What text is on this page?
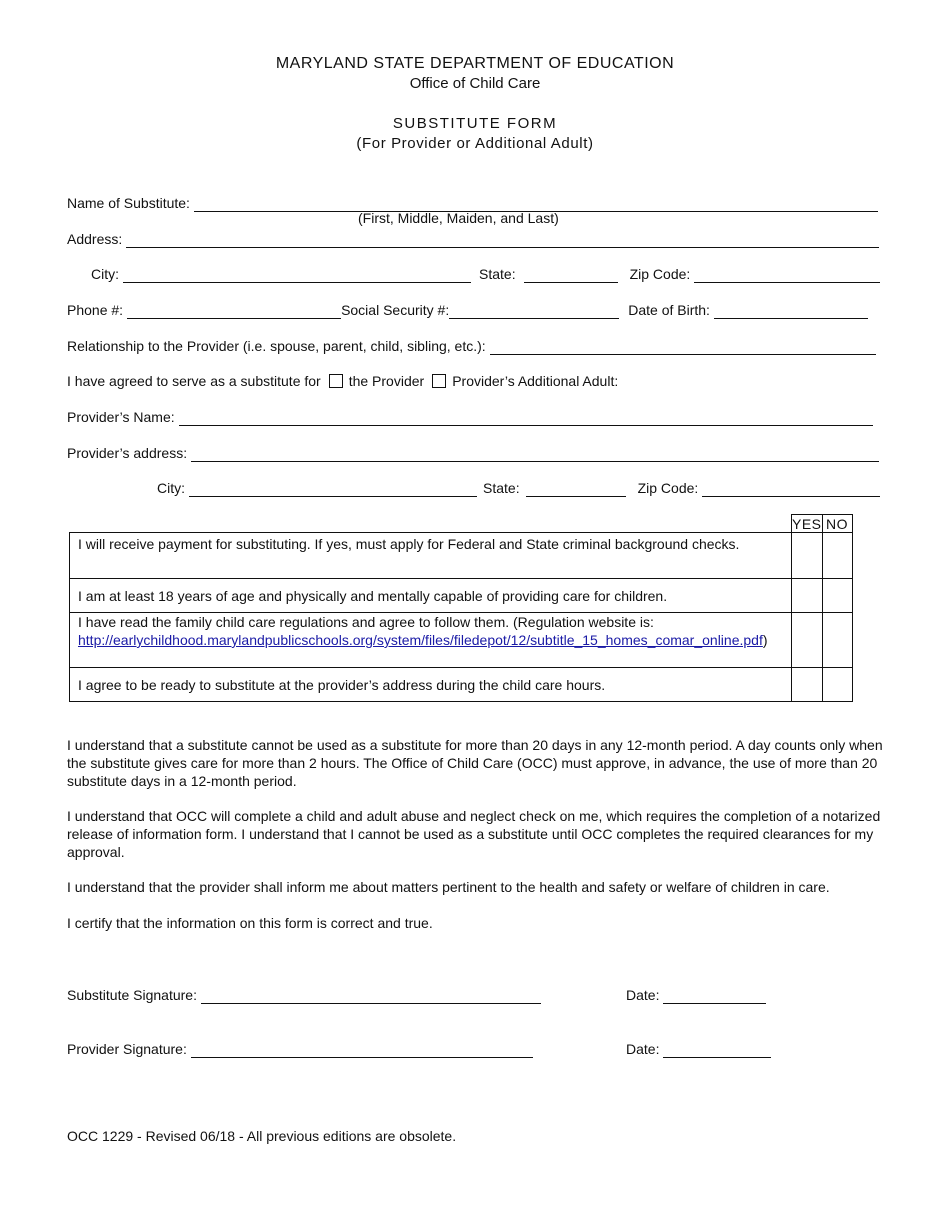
MARYLAND STATE DEPARTMENT OF EDUCATION
Office of Child Care
SUBSTITUTE FORM
(For Provider or Additional Adult)
Name of Substitute:
(First, Middle, Maiden, and Last)
Address:
City:	State:	Zip Code:
Phone #:	Social Security #:	Date of Birth:
Relationship to the Provider (i.e. spouse, parent, child, sibling, etc.):
I have agreed to serve as a substitute for the Provider Provider’s Additional Adult:
Provider’s Name:
Provider’s address:
City:	State:	Zip Code:
	YES	NO
I will receive payment for substituting. If yes, must apply for Federal and State criminal background checks.		
I am at least 18 years of age and physically and mentally capable of providing care for children.		
I have read the family child care regulations and agree to follow them. (Regulation website is:
http://earlychildhood.marylandpublicschools.org/system/files/filedepot/12/subtitle_15_homes_comar_online.pdf)		
I agree to be ready to substitute at the provider’s address during the child care hours.		
I understand that a substitute cannot be used as a substitute for more than 20 days in any 12-month period. A day counts only when the substitute gives care for more than 2 hours. The Office of Child Care (OCC) must approve, in advance, the use of more than 20 substitute days in a 12-month period.
I understand that OCC will complete a child and adult abuse and neglect check on me, which requires the completion of a notarized release of information form. I understand that I cannot be used as a substitute until OCC completes the required clearances for my approval.
I understand that the provider shall inform me about matters pertinent to the health and safety or welfare of children in care.
I certify that the information on this form is correct and true.
Substitute Signature:	Date:
Provider Signature:	Date:
OCC 1229 - Revised 06/18 - All previous editions are obsolete.
